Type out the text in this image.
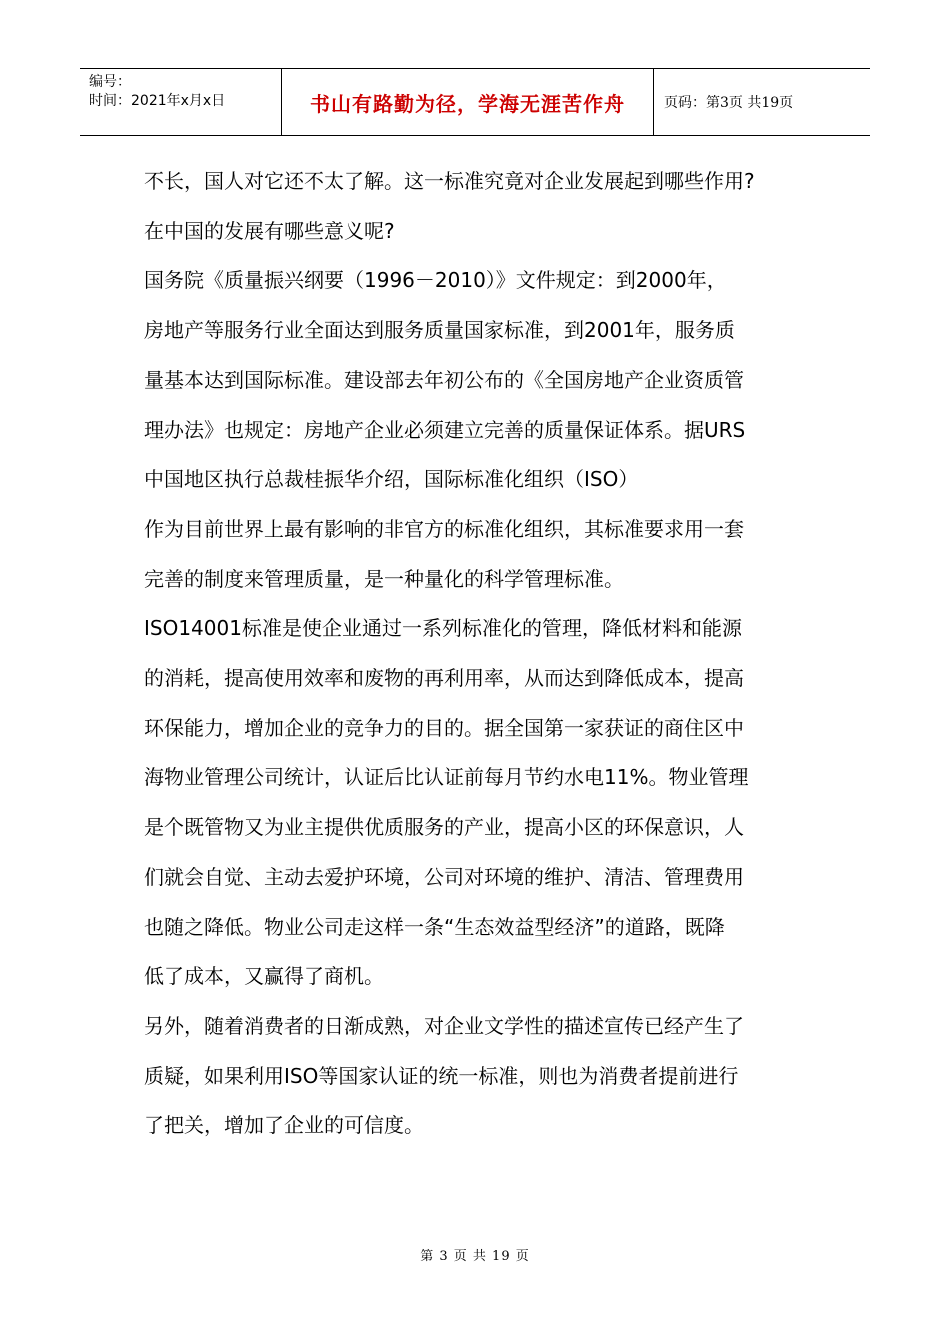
编号：
时间：2021年x月x日	书山有路勤为径，学海无涯苦作舟	页码：第3页 共19页

不长，国人对它还不太了解。这一标准究竟对企业发展起到哪些作用?

在中国的发展有哪些意义呢?

国务院《质量振兴纲要（1996－2010）》文件规定：到2000年，

房地产等服务行业全面达到服务质量国家标准，到2001年，服务质

量基本达到国际标准。建设部去年初公布的《全国房地产企业资质管

理办法》也规定：房地产企业必须建立完善的质量保证体系。据URS

中国地区执行总裁桂振华介绍，国际标准化组织（ISO）

作为目前世界上最有影响的非官方的标准化组织，其标准要求用一套

完善的制度来管理质量，是一种量化的科学管理标准。

ISO14001标准是使企业通过一系列标准化的管理，降低材料和能源

的消耗，提高使用效率和废物的再利用率，从而达到降低成本，提高

环保能力，增加企业的竞争力的目的。据全国第一家获证的商住区中

海物业管理公司统计，认证后比认证前每月节约水电11%。物业管理

是个既管物又为业主提供优质服务的产业，提高小区的环保意识，人

们就会自觉、主动去爱护环境，公司对环境的维护、清洁、管理费用

也随之降低。物业公司走这样一条“生态效益型经济”的道路，既降

低了成本，又赢得了商机。

另外，随着消费者的日渐成熟，对企业文学性的描述宣传已经产生了

质疑，如果利用ISO等国家认证的统一标准，则也为消费者提前进行

了把关，增加了企业的可信度。

第 3 页 共 19 页
